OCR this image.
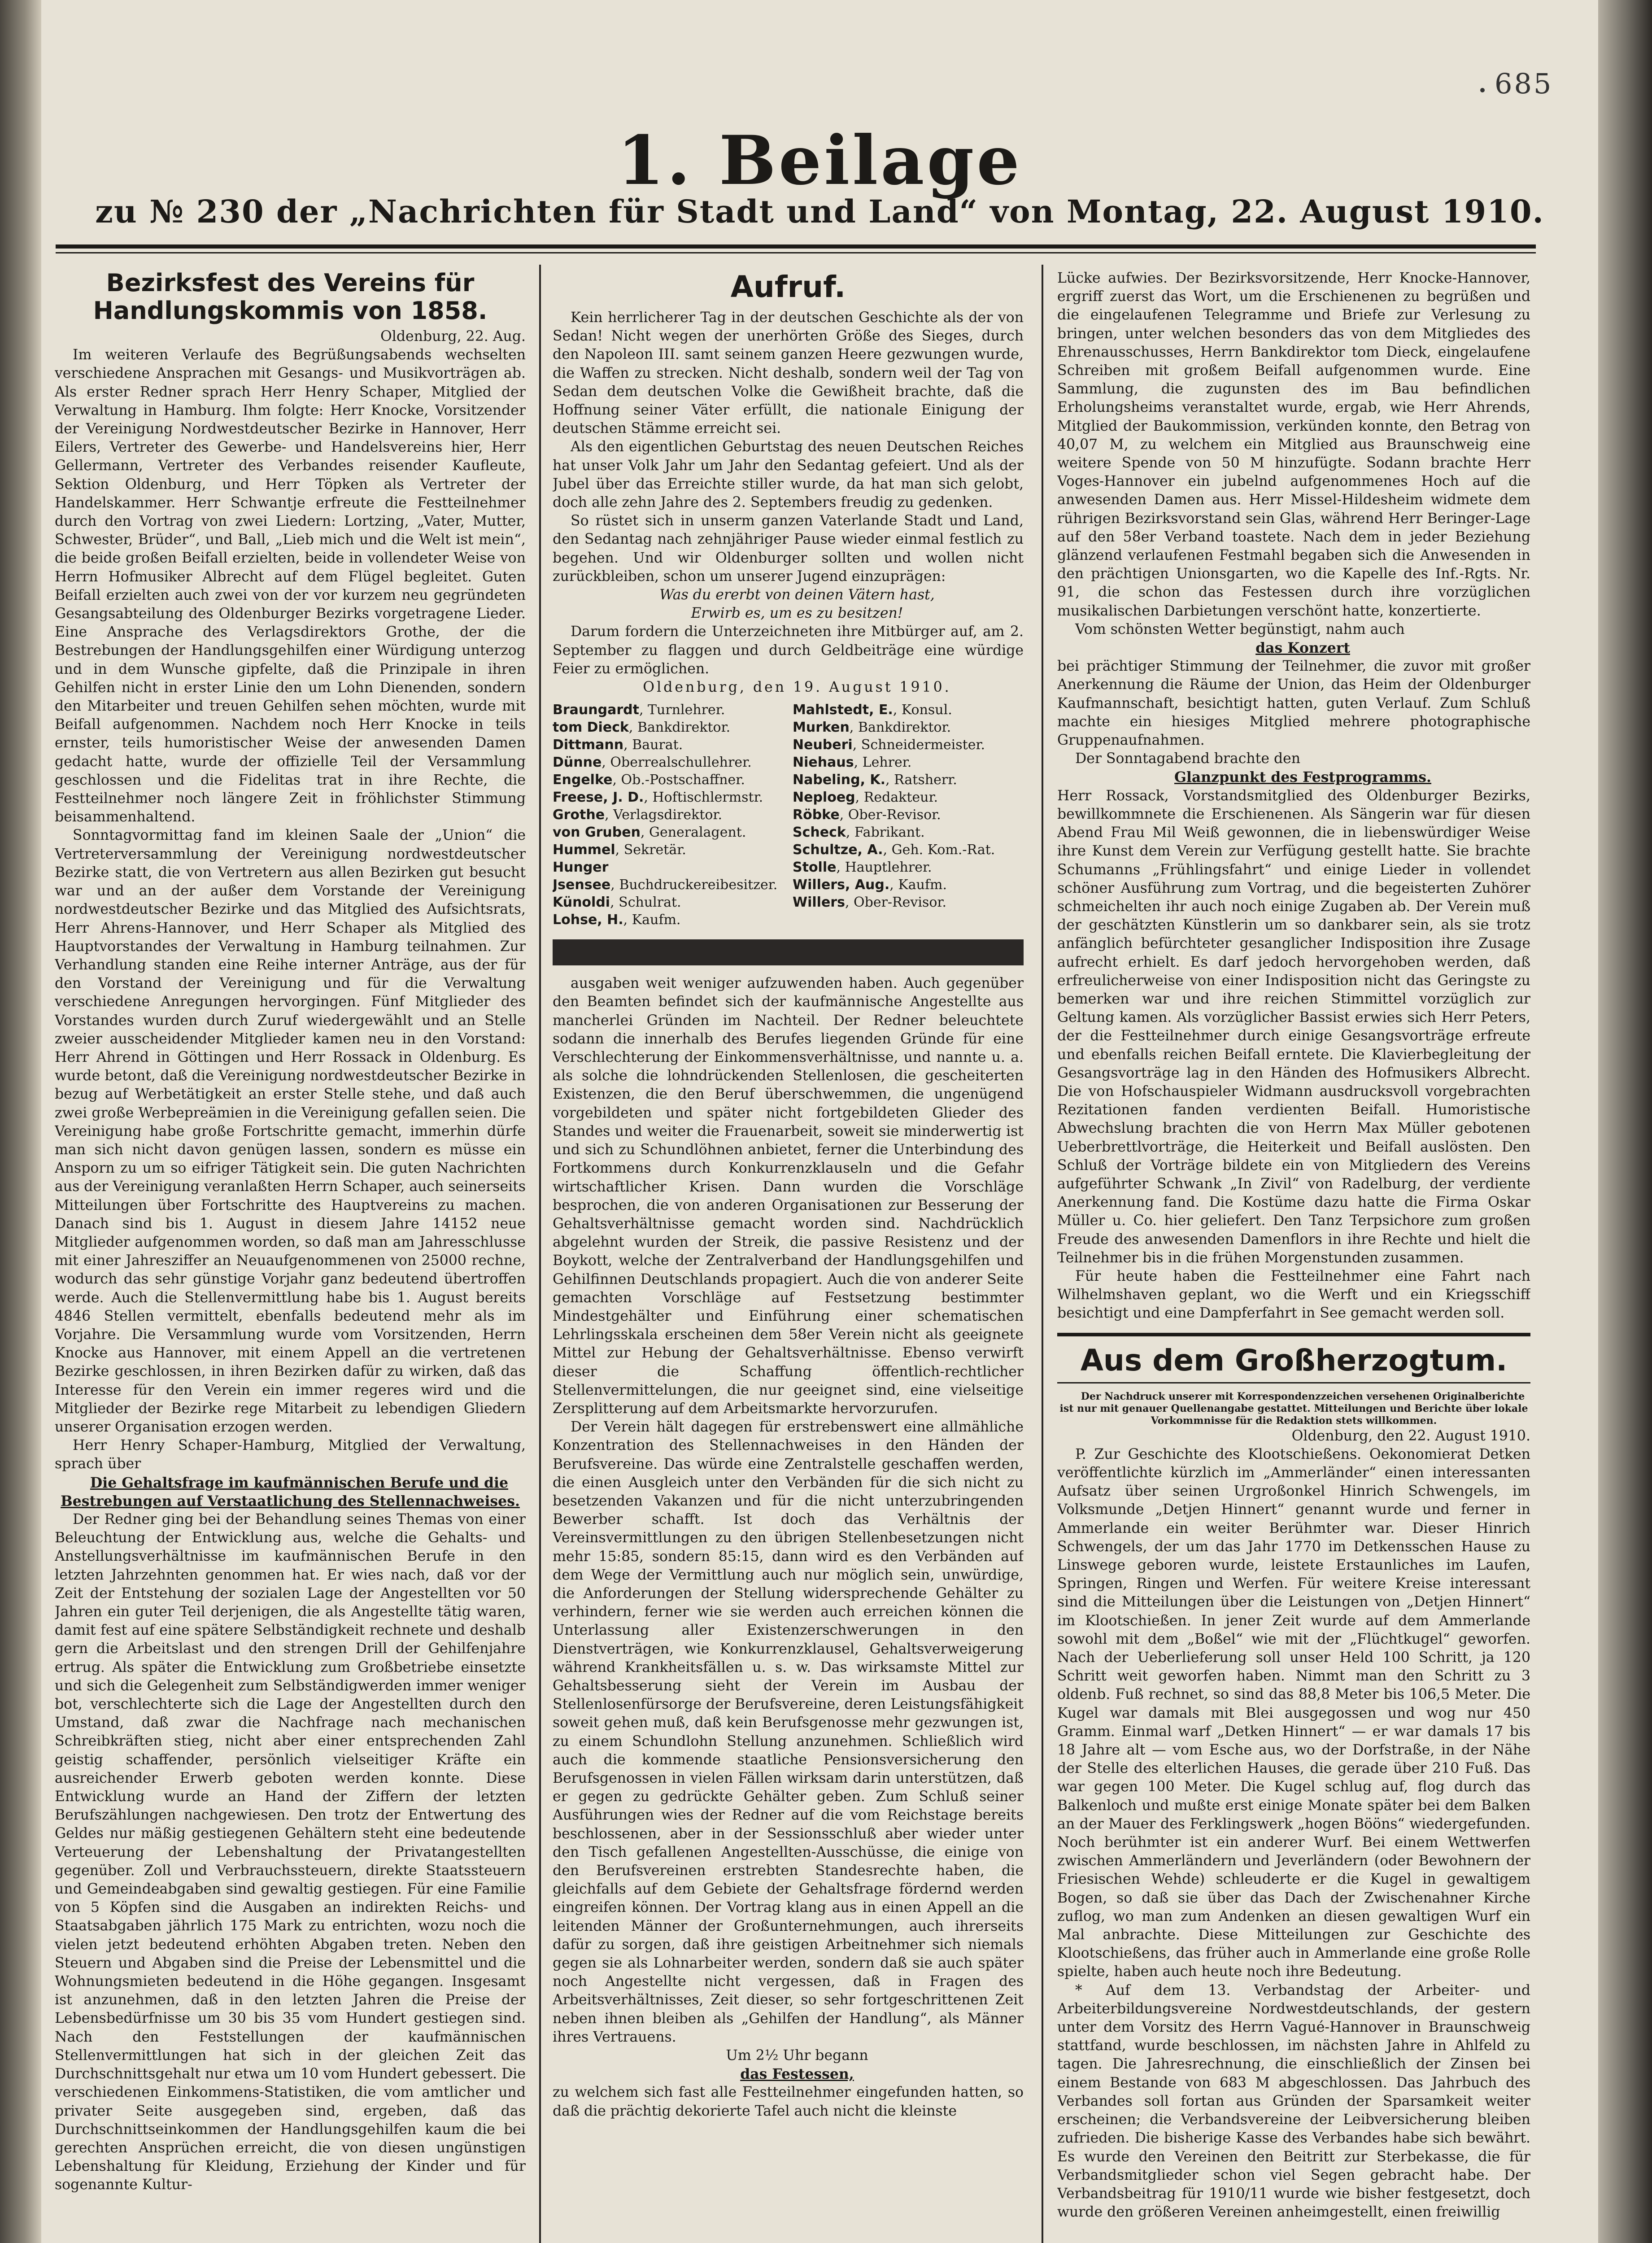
685
1. Beilage
zu № 230 der „Nachrichten für Stadt und Land“ von Montag, 22. August 1910.
Bezirksfest des Vereins für Handlungskommis von 1858.

Oldenburg, 22. Aug.

Im weiteren Verlaufe des Begrüßungsabends wechselten verschiedene Ansprachen mit Gesangs- und Musikvorträgen ab. Als erster Redner sprach Herr Henry Schaper, Mitglied der Verwaltung in Hamburg. Ihm folgte: Herr Knocke, Vorsitzender der Vereinigung Nordwestdeutscher Bezirke in Hannover, Herr Eilers, Vertreter des Gewerbe- und Handelsvereins hier, Herr Gellermann, Vertreter des Verbandes reisender Kaufleute, Sektion Oldenburg, und Herr Töpken als Vertreter der Handelskammer. Herr Schwantje erfreute die Festteilnehmer durch den Vortrag von zwei Liedern: Lortzing, „Vater, Mutter, Schwester, Brüder“, und Ball, „Lieb mich und die Welt ist mein“, die beide großen Beifall erzielten, beide in vollendeter Weise von Herrn Hofmusiker Albrecht auf dem Flügel begleitet. Guten Beifall erzielten auch zwei von der vor kurzem neu gegründeten Gesangsabteilung des Oldenburger Bezirks vorgetragene Lieder. Eine Ansprache des Verlagsdirektors Grothe, der die Bestrebungen der Handlungsgehilfen einer Würdigung unterzog und in dem Wunsche gipfelte, daß die Prinzipale in ihren Gehilfen nicht in erster Linie den um Lohn Dienenden, sondern den Mitarbeiter und treuen Gehilfen sehen möchten, wurde mit Beifall aufgenommen. Nachdem noch Herr Knocke in teils ernster, teils humoristischer Weise der anwesenden Damen gedacht hatte, wurde der offizielle Teil der Versammlung geschlossen und die Fidelitas trat in ihre Rechte, die Festteilnehmer noch längere Zeit in fröhlichster Stimmung beisammenhaltend.

Sonntagvormittag fand im kleinen Saale der „Union“ die Vertreterversammlung der Vereinigung nordwestdeutscher Bezirke statt, die von Vertretern aus allen Bezirken gut besucht war und an der außer dem Vorstande der Vereinigung nordwestdeutscher Bezirke und das Mitglied des Aufsichtsrats, Herr Ahrens-Hannover, und Herr Schaper als Mitglied des Hauptvorstandes der Verwaltung in Hamburg teilnahmen. Zur Verhandlung standen eine Reihe interner Anträge, aus der für den Vorstand der Vereinigung und für die Verwaltung verschiedene Anregungen hervorgingen. Fünf Mitglieder des Vorstandes wurden durch Zuruf wiedergewählt und an Stelle zweier ausscheidender Mitglieder kamen neu in den Vorstand: Herr Ahrend in Göttingen und Herr Rossack in Oldenburg. Es wurde betont, daß die Vereinigung nordwestdeutscher Bezirke in bezug auf Werbetätigkeit an erster Stelle stehe, und daß auch zwei große Werbepreämien in die Vereinigung gefallen seien. Die Vereinigung habe große Fortschritte gemacht, immerhin dürfe man sich nicht davon genügen lassen, sondern es müsse ein Ansporn zu um so eifriger Tätigkeit sein. Die guten Nachrichten aus der Vereinigung veranlaßten Herrn Schaper, auch seinerseits Mitteilungen über Fortschritte des Hauptvereins zu machen. Danach sind bis 1. August in diesem Jahre 14152 neue Mitglieder aufgenommen worden, so daß man am Jahresschlusse mit einer Jahresziffer an Neuaufgenommenen von 25000 rechne, wodurch das sehr günstige Vorjahr ganz bedeutend übertroffen werde. Auch die Stellenvermittlung habe bis 1. August bereits 4846 Stellen vermittelt, ebenfalls bedeutend mehr als im Vorjahre. Die Versammlung wurde vom Vorsitzenden, Herrn Knocke aus Hannover, mit einem Appell an die vertretenen Bezirke geschlossen, in ihren Bezirken dafür zu wirken, daß das Interesse für den Verein ein immer regeres wird und die Mitglieder der Bezirke rege Mitarbeit zu lebendigen Gliedern unserer Organisation erzogen werden.

Herr Henry Schaper-Hamburg, Mitglied der Verwaltung, sprach über

Die Gehaltsfrage im kaufmännischen Berufe und die Bestrebungen auf Verstaatlichung des Stellennachweises.

Der Redner ging bei der Behandlung seines Themas von einer Beleuchtung der Entwicklung aus, welche die Gehalts- und Anstellungsverhältnisse im kaufmännischen Berufe in den letzten Jahrzehnten genommen hat. Er wies nach, daß vor der Zeit der Entstehung der sozialen Lage der Angestellten vor 50 Jahren ein guter Teil derjenigen, die als Angestellte tätig waren, damit fest auf eine spätere Selbständigkeit rechnete und deshalb gern die Arbeitslast und den strengen Drill der Gehilfenjahre ertrug. Als später die Entwicklung zum Großbetriebe einsetzte und sich die Gelegenheit zum Selbständigwerden immer weniger bot, verschlechterte sich die Lage der Angestellten durch den Umstand, daß zwar die Nachfrage nach mechanischen Schreibkräften stieg, nicht aber einer entsprechenden Zahl geistig schaffender, persönlich vielseitiger Kräfte ein ausreichender Erwerb geboten werden konnte. Diese Entwicklung wurde an Hand der Ziffern der letzten Berufszählungen nachgewiesen. Den trotz der Entwertung des Geldes nur mäßig gestiegenen Gehältern steht eine bedeutende Verteuerung der Lebenshaltung der Privatangestellten gegenüber. Zoll und Verbrauchssteuern, direkte Staatssteuern und Gemeindeabgaben sind gewaltig gestiegen. Für eine Familie von 5 Köpfen sind die Ausgaben an indirekten Reichs- und Staatsabgaben jährlich 175 Mark zu entrichten, wozu noch die vielen jetzt bedeutend erhöhten Abgaben treten. Neben den Steuern und Abgaben sind die Preise der Lebensmittel und die Wohnungsmieten bedeutend in die Höhe gegangen. Insgesamt ist anzunehmen, daß in den letzten Jahren die Preise der Lebensbedürfnisse um 30 bis 35 vom Hundert gestiegen sind. Nach den Feststellungen der kaufmännischen Stellenvermittlungen hat sich in der gleichen Zeit das Durchschnittsgehalt nur etwa um 10 vom Hundert gebessert. Die verschiedenen Einkommens-Statistiken, die vom amtlicher und privater Seite ausgegeben sind, ergeben, daß das Durchschnittseinkommen der Handlungsgehilfen kaum die bei gerechten Ansprüchen erreicht, die von diesen ungünstigen Lebenshaltung für Kleidung, Erziehung der Kinder und für sogenannte Kultur-

Aufruf.

Kein herrlicherer Tag in der deutschen Geschichte als der von Sedan! Nicht wegen der unerhörten Größe des Sieges, durch den Napoleon III. samt seinem ganzen Heere gezwungen wurde, die Waffen zu strecken. Nicht deshalb, sondern weil der Tag von Sedan dem deutschen Volke die Gewißheit brachte, daß die Hoffnung seiner Väter erfüllt, die nationale Einigung der deutschen Stämme erreicht sei.

Als den eigentlichen Geburtstag des neuen Deutschen Reiches hat unser Volk Jahr um Jahr den Sedantag gefeiert. Und als der Jubel über das Erreichte stiller wurde, da hat man sich gelobt, doch alle zehn Jahre des 2. Septembers freudig zu gedenken.

So rüstet sich in unserm ganzen Vaterlande Stadt und Land, den Sedantag nach zehnjähriger Pause wieder einmal festlich zu begehen. Und wir Oldenburger sollten und wollen nicht zurückbleiben, schon um unserer Jugend einzuprägen:

Was du ererbt von deinen Vätern hast,

Erwirb es, um es zu besitzen!

Darum fordern die Unterzeichneten ihre Mitbürger auf, am 2. September zu flaggen und durch Geldbeiträge eine würdige Feier zu ermöglichen.

Oldenburg, den 19. August 1910.

Braungardt, Turnlehrer.	Mahlstedt, E., Konsul.
tom Dieck, Bankdirektor.	Murken, Bankdirektor.
Dittmann, Baurat.	Neuberi, Schneidermeister.
Dünne, Oberrealschullehrer.	Niehaus, Lehrer.
Engelke, Ob.-Postschaffner.	Nabeling, K., Ratsherr.
Freese, J. D., Hoftischlermstr.	Neploeg, Redakteur.
Grothe, Verlagsdirektor.	Röbke, Ober-Revisor.
von Gruben, Generalagent.	Scheck, Fabrikant.
Hummel, Sekretär.	Schultze, A., Geh. Kom.-Rat.
Hunger	Stolle, Hauptlehrer.
Jsensee, Buchdruckereibesitzer.	Willers, Aug., Kaufm.
Künoldi, Schulrat.	Willers, Ober-Revisor.
Lohse, H., Kaufm.

ausgaben weit weniger aufzuwenden haben. Auch gegenüber den Beamten befindet sich der kaufmännische Angestellte aus mancherlei Gründen im Nachteil. Der Redner beleuchtete sodann die innerhalb des Berufes liegenden Gründe für eine Verschlechterung der Einkommensverhältnisse, und nannte u. a. als solche die lohndrückenden Stellenlosen, die gescheiterten Existenzen, die den Beruf überschwemmen, die ungenügend vorgebildeten und später nicht fortgebildeten Glieder des Standes und weiter die Frauenarbeit, soweit sie minderwertig ist und sich zu Schundlöhnen anbietet, ferner die Unterbindung des Fortkommens durch Konkurrenzklauseln und die Gefahr wirtschaftlicher Krisen. Dann wurden die Vorschläge besprochen, die von anderen Organisationen zur Besserung der Gehaltsverhältnisse gemacht worden sind. Nachdrücklich abgelehnt wurden der Streik, die passive Resistenz und der Boykott, welche der Zentralverband der Handlungsgehilfen und Gehilfinnen Deutschlands propagiert. Auch die von anderer Seite gemachten Vorschläge auf Festsetzung bestimmter Mindestgehälter und Einführung einer schematischen Lehrlingsskala erscheinen dem 58er Verein nicht als geeignete Mittel zur Hebung der Gehaltsverhältnisse. Ebenso verwirft dieser die Schaffung öffentlich-rechtlicher Stellenvermittelungen, die nur geeignet sind, eine vielseitige Zersplitterung auf dem Arbeitsmarkte hervorzurufen.

Der Verein hält dagegen für erstrebenswert eine allmähliche Konzentration des Stellennachweises in den Händen der Berufsvereine. Das würde eine Zentralstelle geschaffen werden, die einen Ausgleich unter den Verbänden für die sich nicht zu besetzenden Vakanzen und für die nicht unterzubringenden Bewerber schafft. Ist doch das Verhältnis der Vereinsvermittlungen zu den übrigen Stellenbesetzungen nicht mehr 15:85, sondern 85:15, dann wird es den Verbänden auf dem Wege der Vermittlung auch nur möglich sein, unwürdige, die Anforderungen der Stellung widersprechende Gehälter zu verhindern, ferner wie sie werden auch erreichen können die Unterlassung aller Existenzerschwerungen in den Dienstverträgen, wie Konkurrenzklausel, Gehaltsverweigerung während Krankheitsfällen u. s. w. Das wirksamste Mittel zur Gehaltsbesserung sieht der Verein im Ausbau der Stellenlosenfürsorge der Berufsvereine, deren Leistungsfähigkeit soweit gehen muß, daß kein Berufsgenosse mehr gezwungen ist, zu einem Schundlohn Stellung anzunehmen. Schließlich wird auch die kommende staatliche Pensionsversicherung den Berufsgenossen in vielen Fällen wirksam darin unterstützen, daß er gegen zu gedrückte Gehälter geben. Zum Schluß seiner Ausführungen wies der Redner auf die vom Reichstage bereits beschlossenen, aber in der Sessionsschluß aber wieder unter den Tisch gefallenen Angestellten-Ausschüsse, die einige von den Berufsvereinen erstrebten Standesrechte haben, die gleichfalls auf dem Gebiete der Gehaltsfrage fördernd werden eingreifen können. Der Vortrag klang aus in einen Appell an die leitenden Männer der Großunternehmungen, auch ihrerseits dafür zu sorgen, daß ihre geistigen Arbeitnehmer sich niemals gegen sie als Lohnarbeiter werden, sondern daß sie auch später noch Angestellte nicht vergessen, daß in Fragen des Arbeitsverhältnisses, Zeit dieser, so sehr fortgeschrittenen Zeit neben ihnen bleiben als „Gehilfen der Handlung“, als Männer ihres Vertrauens.

Um 2½ Uhr begann

das Festessen,

zu welchem sich fast alle Festteilnehmer eingefunden hatten, so daß die prächtig dekorierte Tafel auch nicht die kleinste

Lücke aufwies. Der Bezirksvorsitzende, Herr Knocke-Hannover, ergriff zuerst das Wort, um die Erschienenen zu begrüßen und die eingelaufenen Telegramme und Briefe zur Verlesung zu bringen, unter welchen besonders das von dem Mitgliedes des Ehrenausschusses, Herrn Bankdirektor tom Dieck, eingelaufene Schreiben mit großem Beifall aufgenommen wurde. Eine Sammlung, die zugunsten des im Bau befindlichen Erholungsheims veranstaltet wurde, ergab, wie Herr Ahrends, Mitglied der Baukommission, verkünden konnte, den Betrag von 40,07 M, zu welchem ein Mitglied aus Braunschweig eine weitere Spende von 50 M hinzufügte. Sodann brachte Herr Voges-Hannover ein jubelnd aufgenommenes Hoch auf die anwesenden Damen aus. Herr Missel-Hildesheim widmete dem rührigen Bezirksvorstand sein Glas, während Herr Beringer-Lage auf den 58er Verband toastete. Nach dem in jeder Beziehung glänzend verlaufenen Festmahl begaben sich die Anwesenden in den prächtigen Unionsgarten, wo die Kapelle des Inf.-Rgts. Nr. 91, die schon das Festessen durch ihre vorzüglichen musikalischen Darbietungen verschönt hatte, konzertierte.

Vom schönsten Wetter begünstigt, nahm auch

das Konzert

bei prächtiger Stimmung der Teilnehmer, die zuvor mit großer Anerkennung die Räume der Union, das Heim der Oldenburger Kaufmannschaft, besichtigt hatten, guten Verlauf. Zum Schluß machte ein hiesiges Mitglied mehrere photographische Gruppenaufnahmen.

Der Sonntagabend brachte den

Glanzpunkt des Festprogramms.

Herr Rossack, Vorstandsmitglied des Oldenburger Bezirks, bewillkommnete die Erschienenen. Als Sängerin war für diesen Abend Frau Mil Weiß gewonnen, die in liebenswürdiger Weise ihre Kunst dem Verein zur Verfügung gestellt hatte. Sie brachte Schumanns „Frühlingsfahrt“ und einige Lieder in vollendet schöner Ausführung zum Vortrag, und die begeisterten Zuhörer schmeichelten ihr auch noch einige Zugaben ab. Der Verein muß der geschätzten Künstlerin um so dankbarer sein, als sie trotz anfänglich befürchteter gesanglicher Indisposition ihre Zusage aufrecht erhielt. Es darf jedoch hervorgehoben werden, daß erfreulicherweise von einer Indisposition nicht das Geringste zu bemerken war und ihre reichen Stimmittel vorzüglich zur Geltung kamen. Als vorzüglicher Bassist erwies sich Herr Peters, der die Festteilnehmer durch einige Gesangsvorträge erfreute und ebenfalls reichen Beifall erntete. Die Klavierbegleitung der Gesangsvorträge lag in den Händen des Hofmusikers Albrecht. Die von Hofschauspieler Widmann ausdrucksvoll vorgebrachten Rezitationen fanden verdienten Beifall. Humoristische Abwechslung brachten die von Herrn Max Müller gebotenen Ueberbrettlvorträge, die Heiterkeit und Beifall auslösten. Den Schluß der Vorträge bildete ein von Mitgliedern des Vereins aufgeführter Schwank „In Zivil“ von Radelburg, der verdiente Anerkennung fand. Die Kostüme dazu hatte die Firma Oskar Müller u. Co. hier geliefert. Den Tanz Terpsichore zum großen Freude des anwesenden Damenflors in ihre Rechte und hielt die Teilnehmer bis in die frühen Morgenstunden zusammen.

Für heute haben die Festteilnehmer eine Fahrt nach Wilhelmshaven geplant, wo die Werft und ein Kriegsschiff besichtigt und eine Dampferfahrt in See gemacht werden soll.

Aus dem Großherzogtum.

Der Nachdruck unserer mit Korrespondenzzeichen versehenen Originalberichte ist nur mit genauer Quellenangabe gestattet. Mitteilungen und Berichte über lokale Vorkommnisse für die Redaktion stets willkommen.

Oldenburg, den 22. August 1910.

P. Zur Geschichte des Klootschießens. Oekonomierat Detken veröffentlichte kürzlich im „Ammerländer“ einen interessanten Aufsatz über seinen Urgroßonkel Hinrich Schwengels, im Volksmunde „Detjen Hinnert“ genannt wurde und ferner in Ammerlande ein weiter Berühmter war. Dieser Hinrich Schwengels, der um das Jahr 1770 im Detkensschen Hause zu Linswege geboren wurde, leistete Erstaunliches im Laufen, Springen, Ringen und Werfen. Für weitere Kreise interessant sind die Mitteilungen über die Leistungen von „Detjen Hinnert“ im Klootschießen. In jener Zeit wurde auf dem Ammerlande sowohl mit dem „Boßel“ wie mit der „Flüchtkugel“ geworfen. Nach der Ueberlieferung soll unser Held 100 Schritt, ja 120 Schritt weit geworfen haben. Nimmt man den Schritt zu 3 oldenb. Fuß rechnet, so sind das 88,8 Meter bis 106,5 Meter. Die Kugel war damals mit Blei ausgegossen und wog nur 450 Gramm. Einmal warf „Detken Hinnert“ — er war damals 17 bis 18 Jahre alt — vom Esche aus, wo der Dorfstraße, in der Nähe der Stelle des elterlichen Hauses, die gerade über 210 Fuß. Das war gegen 100 Meter. Die Kugel schlug auf, flog durch das Balkenloch und mußte erst einige Monate später bei dem Balken an der Mauer des Ferklingswerk „hogen Bööns“ wiedergefunden. Noch berühmter ist ein anderer Wurf. Bei einem Wettwerfen zwischen Ammerländern und Jeverländern (oder Bewohnern der Friesischen Wehde) schleuderte er die Kugel in gewaltigem Bogen, so daß sie über das Dach der Zwischenahner Kirche zuflog, wo man zum Andenken an diesen gewaltigen Wurf ein Mal anbrachte. Diese Mitteilungen zur Geschichte des Klootschießens, das früher auch in Ammerlande eine große Rolle spielte, haben auch heute noch ihre Bedeutung.

* Auf dem 13. Verbandstag der Arbeiter- und Arbeiterbildungsvereine Nordwestdeutschlands, der gestern unter dem Vorsitz des Herrn Vagué-Hannover in Braunschweig stattfand, wurde beschlossen, im nächsten Jahre in Ahlfeld zu tagen. Die Jahresrechnung, die einschließlich der Zinsen bei einem Bestande von 683 M abgeschlossen. Das Jahrbuch des Verbandes soll fortan aus Gründen der Sparsamkeit weiter erscheinen; die Verbandsvereine der Leibversicherung bleiben zufrieden. Die bisherige Kasse des Verbandes habe sich bewährt. Es wurde den Vereinen den Beitritt zur Sterbekasse, die für Verbandsmitglieder schon viel Segen gebracht habe. Der Verbandsbeitrag für 1910/11 wurde wie bisher festgesetzt, doch wurde den größeren Vereinen anheimgestellt, einen freiwillig
